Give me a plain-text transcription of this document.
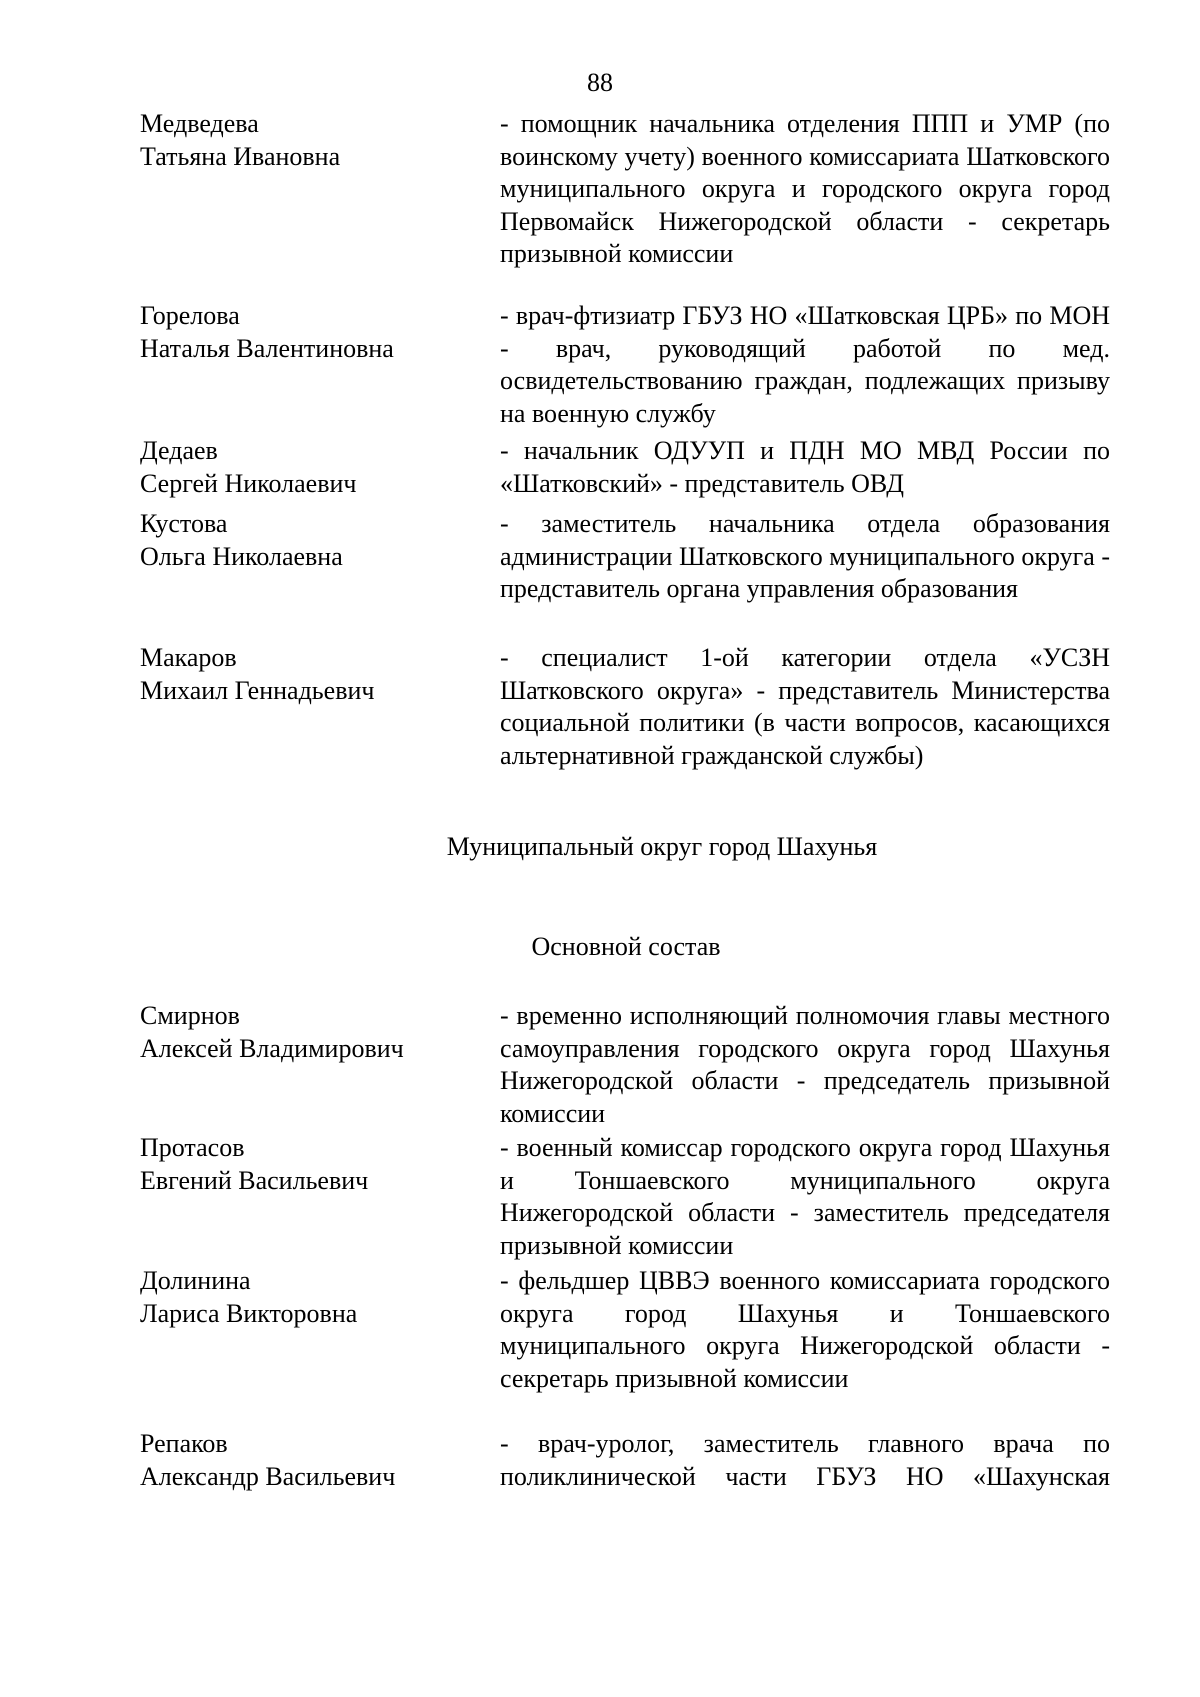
88
Медведева
Татьяна Ивановна
- помощник начальника отделения ППП и УМР (по воинскому учету) военного комиссариата Шатковского муниципального округа и городского округа город Первомайск Нижегородской области - секретарь призывной комиссии
Горелова
Наталья Валентиновна
- врач-фтизиатр ГБУЗ НО «Шатковская ЦРБ» по МОН - врач, руководящий работой по мед. освидетельствованию граждан, подлежащих призыву на военную службу
Дедаев
Сергей Николаевич
- начальник ОДУУП и ПДН МО МВД России по «Шатковский» - представитель ОВД
Кустова
Ольга Николаевна
- заместитель начальника отдела образования администрации Шатковского муниципального округа - представитель органа управления образования
Макаров
Михаил Геннадьевич
- специалист 1-ой категории отдела «УСЗН Шатковского округа» - представитель Министерства социальной политики (в части вопросов, касающихся альтернативной гражданской службы)
Муниципальный округ город Шахунья
Основной состав
Смирнов
Алексей Владимирович
- временно исполняющий полномочия главы местного самоуправления городского округа город Шахунья Нижегородской области - председатель призывной комиссии
Протасов
Евгений Васильевич
- военный комиссар городского округа город Шахунья и Тоншаевского муниципального округа Нижегородской области - заместитель председателя призывной комиссии
Долинина
Лариса Викторовна
- фельдшер ЦВВЭ военного комиссариата городского округа город Шахунья и Тоншаевского муниципального округа Нижегородской области - секретарь призывной комиссии
Репаков
Александр Васильевич
- врач-уролог, заместитель главного врача по поликлинической части ГБУЗ НО «Шахунская
